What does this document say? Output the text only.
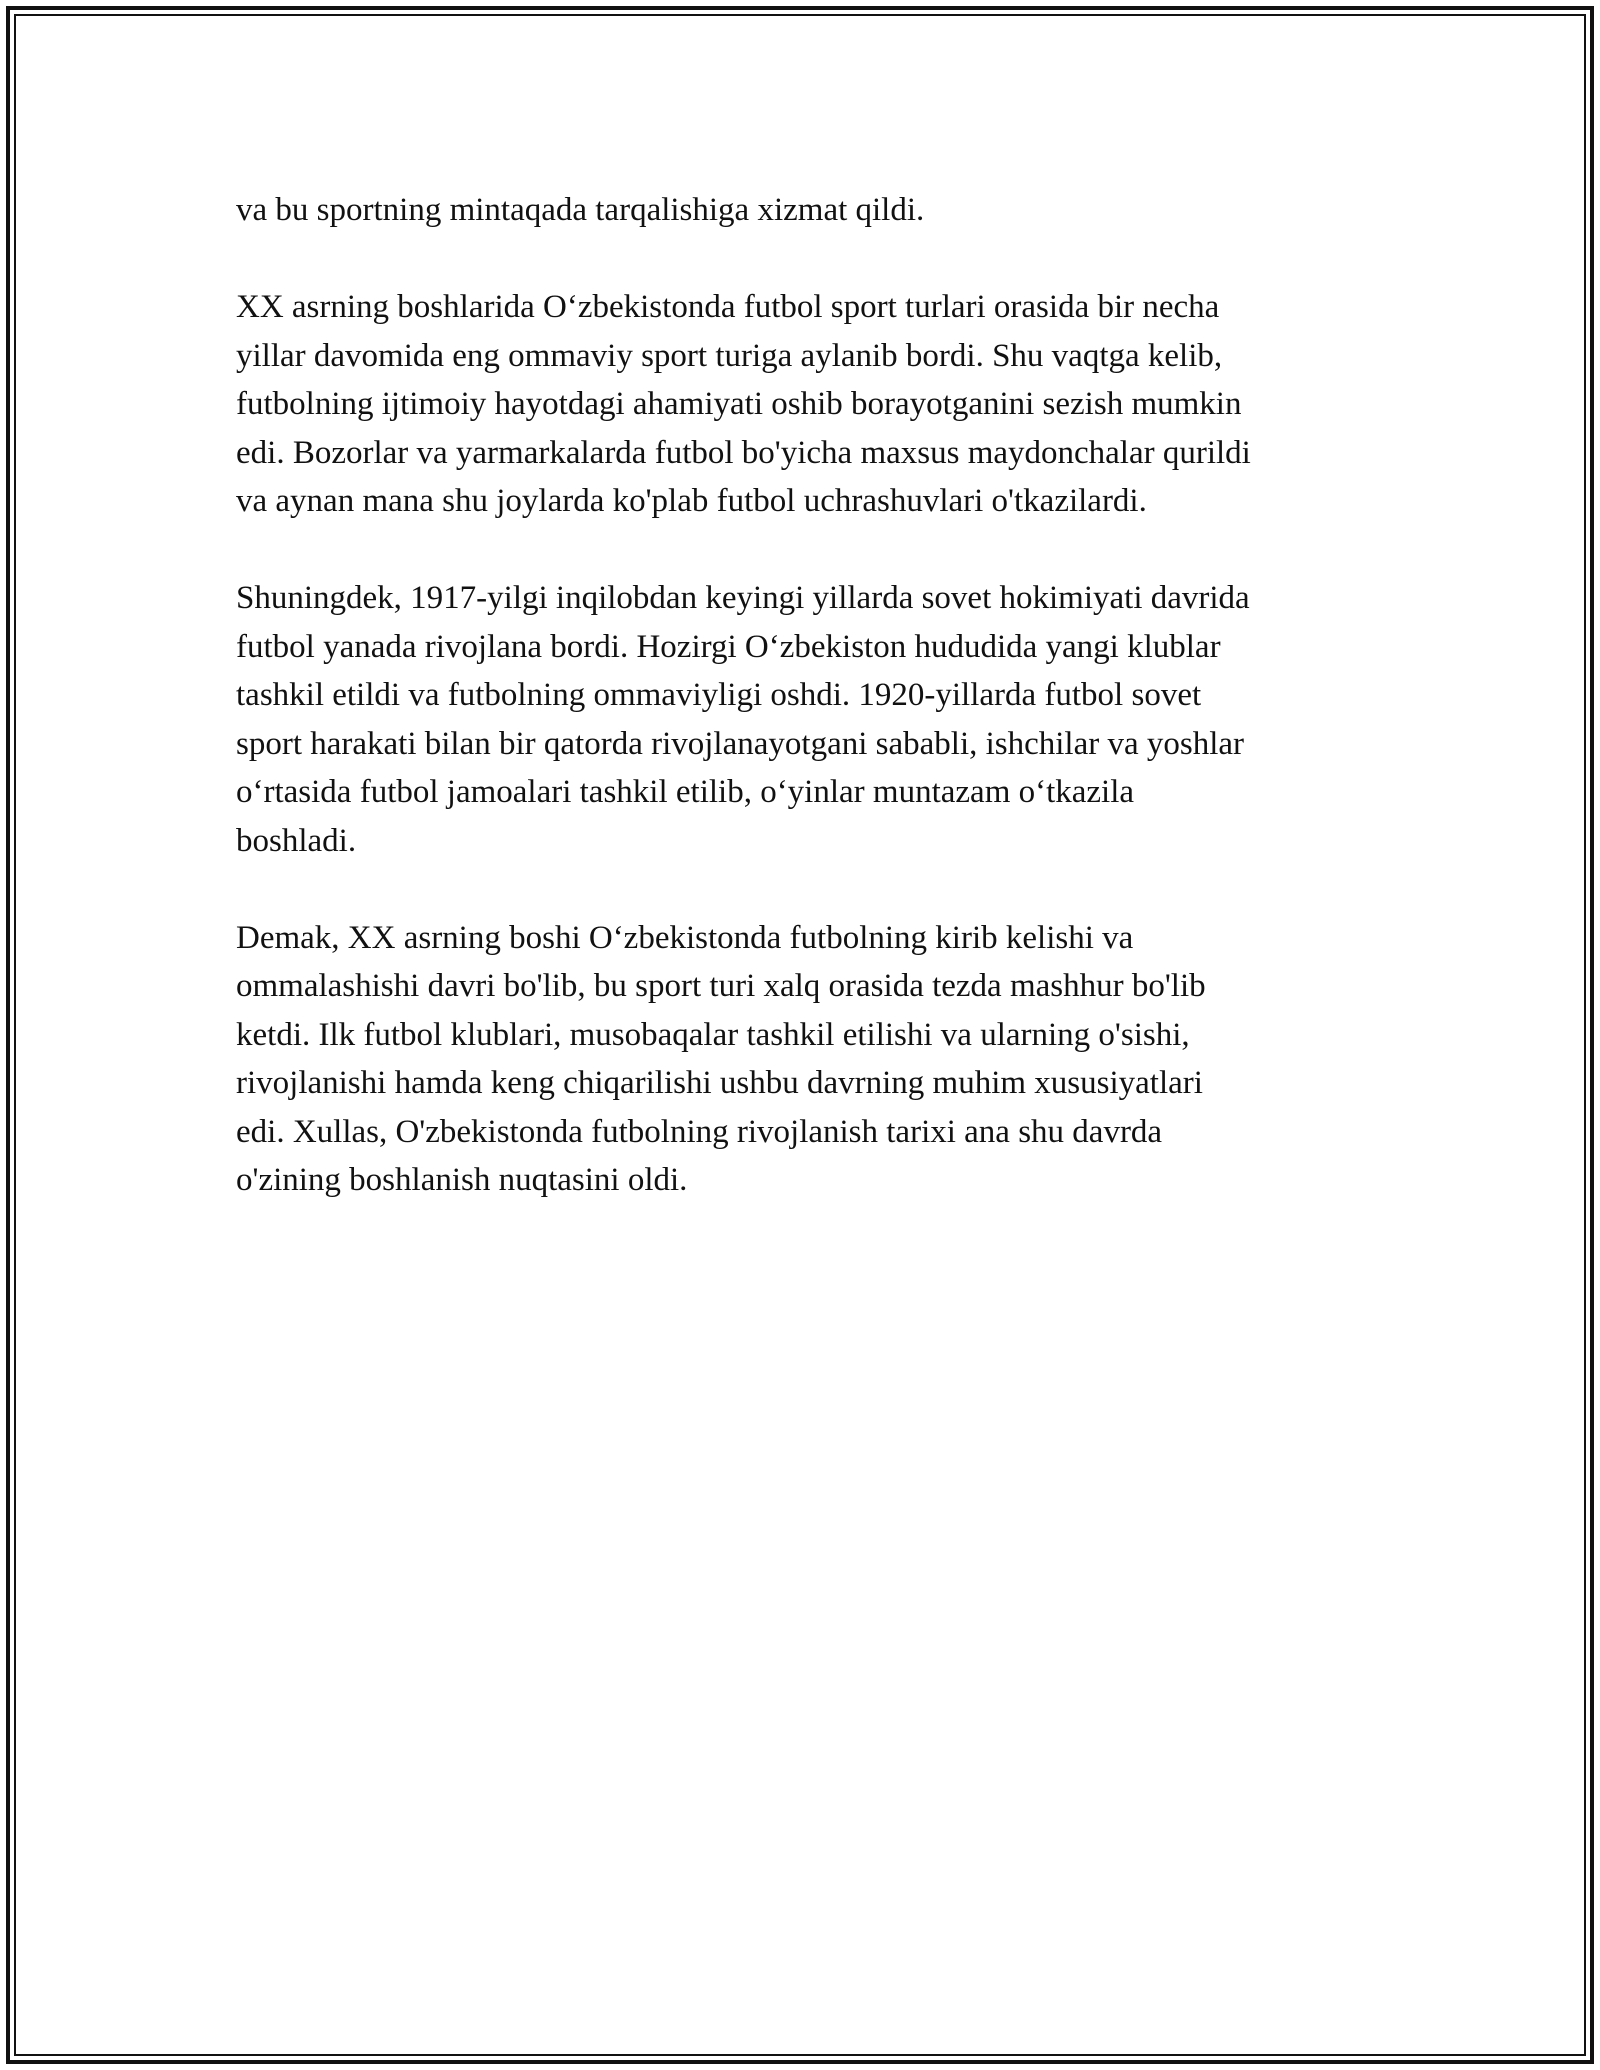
va bu sportning mintaqada tarqalishiga xizmat qildi.

XX asrning boshlarida O‘zbekistonda futbol sport turlari orasida bir necha
yillar davomida eng ommaviy sport turiga aylanib bordi. Shu vaqtga kelib,
futbolning ijtimoiy hayotdagi ahamiyati oshib borayotganini sezish mumkin
edi. Bozorlar va yarmarkalarda futbol bo'yicha maxsus maydonchalar qurildi
va aynan mana shu joylarda ko'plab futbol uchrashuvlari o'tkazilardi.

Shuningdek, 1917-yilgi inqilobdan keyingi yillarda sovet hokimiyati davrida
futbol yanada rivojlana bordi. Hozirgi O‘zbekiston hududida yangi klublar
tashkil etildi va futbolning ommaviyligi oshdi. 1920-yillarda futbol sovet
sport harakati bilan bir qatorda rivojlanayotgani sababli, ishchilar va yoshlar
o‘rtasida futbol jamoalari tashkil etilib, o‘yinlar muntazam o‘tkazila
boshladi.

Demak, XX asrning boshi O‘zbekistonda futbolning kirib kelishi va
ommalashishi davri bo'lib, bu sport turi xalq orasida tezda mashhur bo'lib
ketdi. Ilk futbol klublari, musobaqalar tashkil etilishi va ularning o'sishi,
rivojlanishi hamda keng chiqarilishi ushbu davrning muhim xususiyatlari
edi. Xullas, O'zbekistonda futbolning rivojlanish tarixi ana shu davrda
o'zining boshlanish nuqtasini oldi.
